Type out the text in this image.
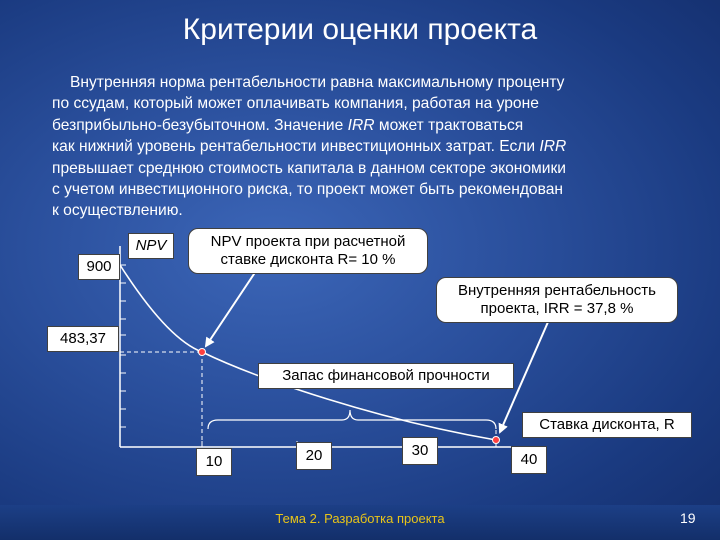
Критерии оценки проекта
Внутренняя норма рентабельности равна максимальному проценту
по ссудам, который может оплачивать компания, работая на уроне
безприбыльно-безубыточном. Значение IRR может трактоваться
как нижний уровень рентабельности инвестиционных затрат. Если IRR
превышает среднюю стоимость капитала в данном секторе экономики
с учетом инвестиционного риска, то проект может быть рекомендован
к осуществлению.
900
483,37
NPV	NPV проекта при расчетной
ставке дисконта R= 10 %
Внутренняя рентабельность
проекта, IRR = 37,8 %
Запас финансовой прочности
Ставка дисконта, R
10	20	30
40
Тема 2. Разработка проекта	19
